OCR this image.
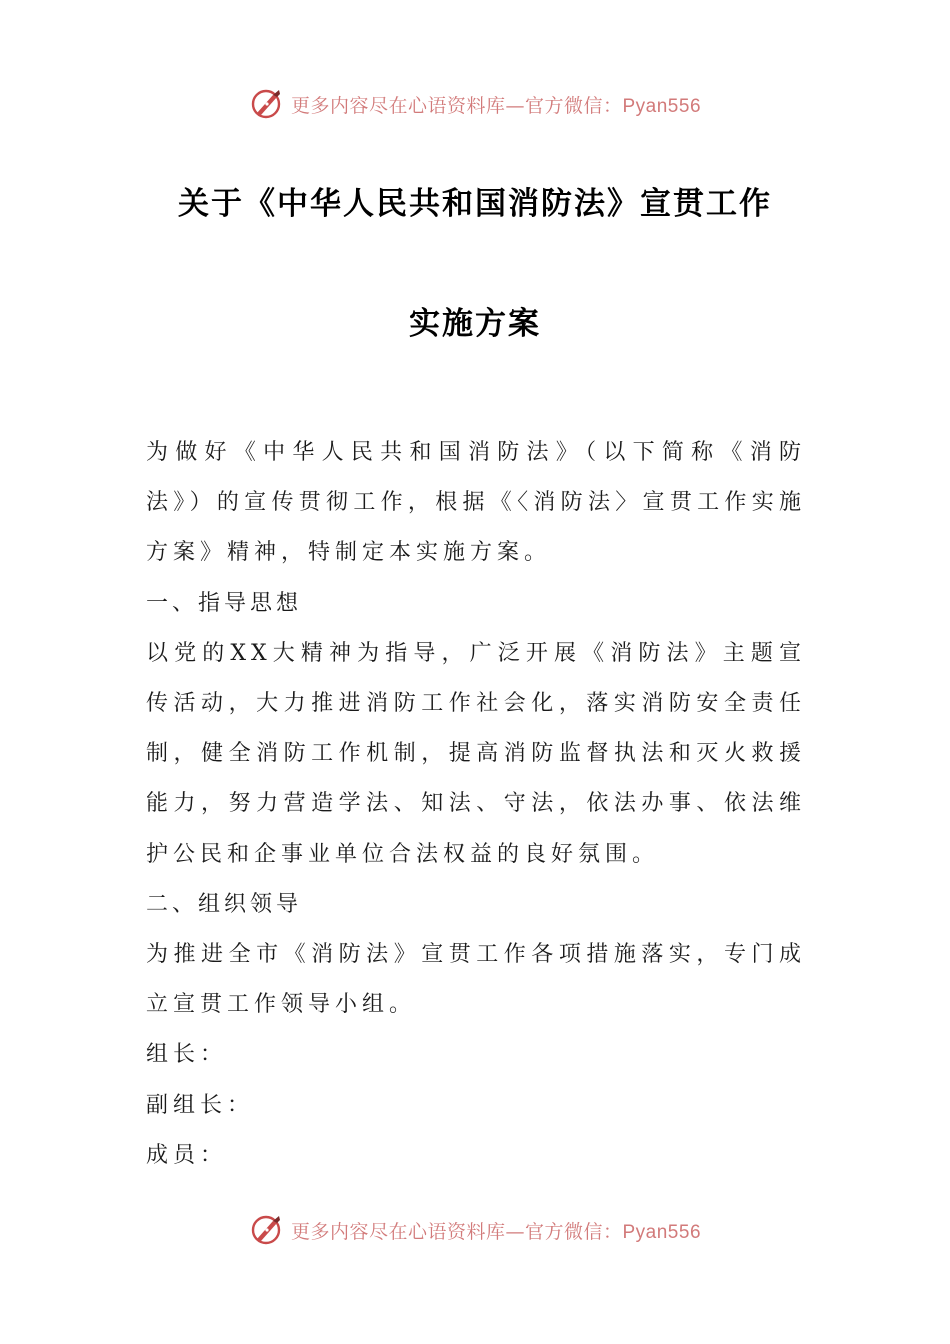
更多内容尽在心语资料库—官方微信：Pyan556
关于《中华人民共和国消防法》宣贯工作
实施方案

为做好《中华人民共和国消防法》（以下简称《消防法》）的宣传贯彻工作，根据《〈消防法〉宣贯工作实施方案》精神，特制定本实施方案。

一、指导思想

以党的XX大精神为指导，广泛开展《消防法》主题宣传活动，大力推进消防工作社会化，落实消防安全责任制，健全消防工作机制，提高消防监督执法和灭火救援能力，努力营造学法、知法、守法，依法办事、依法维护公民和企事业单位合法权益的良好氛围。

二、组织领导

为推进全市《消防法》宣贯工作各项措施落实，专门成立宣贯工作领导小组。

组长：

副组长：

成员：

更多内容尽在心语资料库—官方微信：Pyan556
